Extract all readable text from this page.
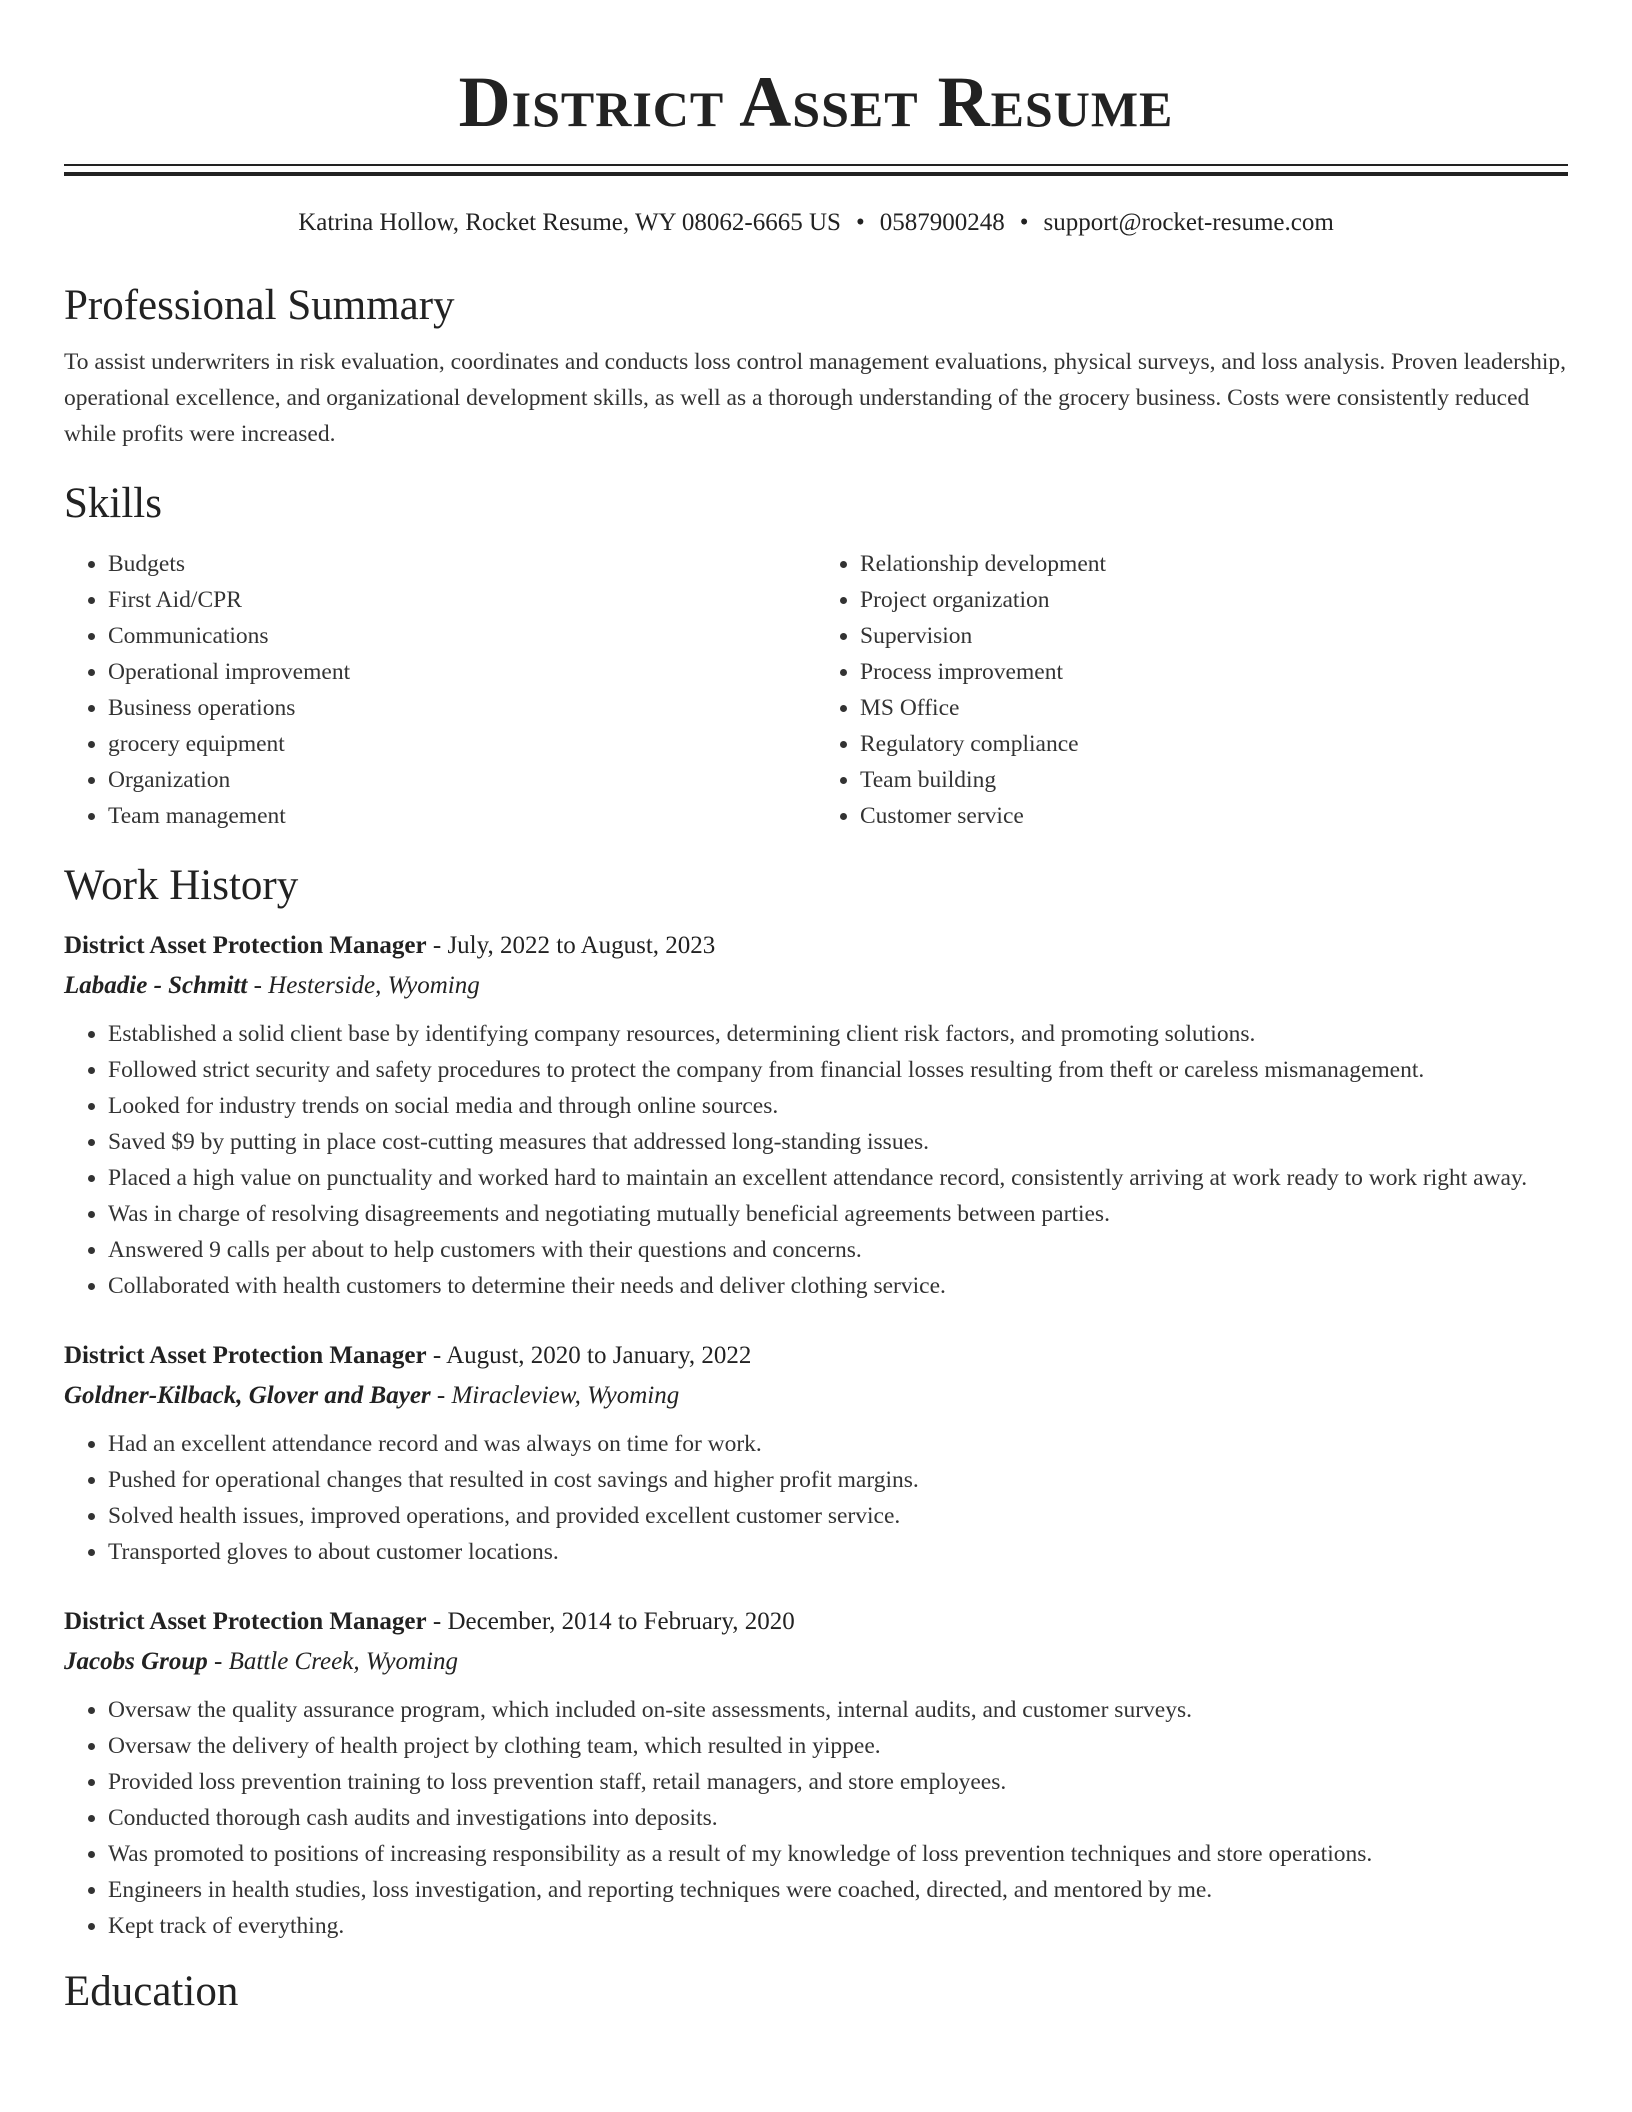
District Asset Resume
Katrina Hollow, Rocket Resume, WY 08062-6665 US • 0587900248 • support@rocket-resume.com
Professional Summary

To assist underwriters in risk evaluation, coordinates and conducts loss control management evaluations, physical surveys, and loss analysis. Proven leadership, operational excellence, and organizational development skills, as well as a thorough understanding of the grocery business. Costs were consistently reduced while profits were increased.

Skills
• Budgets
• First Aid/CPR
• Communications
• Operational improvement
• Business operations
• grocery equipment
• Organization
• Team management
• Relationship development
• Project organization
• Supervision
• Process improvement
• MS Office
• Regulatory compliance
• Team building
• Customer service
Work History
District Asset Protection Manager - July, 2022 to August, 2023
Labadie - Schmitt - Hesterside, Wyoming
• Established a solid client base by identifying company resources, determining client risk factors, and promoting solutions.
• Followed strict security and safety procedures to protect the company from financial losses resulting from theft or careless mismanagement.
• Looked for industry trends on social media and through online sources.
• Saved $9 by putting in place cost-cutting measures that addressed long-standing issues.
• Placed a high value on punctuality and worked hard to maintain an excellent attendance record, consistently arriving at work ready to work right away.
• Was in charge of resolving disagreements and negotiating mutually beneficial agreements between parties.
• Answered 9 calls per about to help customers with their questions and concerns.
• Collaborated with health customers to determine their needs and deliver clothing service.
District Asset Protection Manager - August, 2020 to January, 2022
Goldner-Kilback, Glover and Bayer - Miracleview, Wyoming
• Had an excellent attendance record and was always on time for work.
• Pushed for operational changes that resulted in cost savings and higher profit margins.
• Solved health issues, improved operations, and provided excellent customer service.
• Transported gloves to about customer locations.
District Asset Protection Manager - December, 2014 to February, 2020
Jacobs Group - Battle Creek, Wyoming
• Oversaw the quality assurance program, which included on-site assessments, internal audits, and customer surveys.
• Oversaw the delivery of health project by clothing team, which resulted in yippee.
• Provided loss prevention training to loss prevention staff, retail managers, and store employees.
• Conducted thorough cash audits and investigations into deposits.
• Was promoted to positions of increasing responsibility as a result of my knowledge of loss prevention techniques and store operations.
• Engineers in health studies, loss investigation, and reporting techniques were coached, directed, and mentored by me.
• Kept track of everything.
Education
